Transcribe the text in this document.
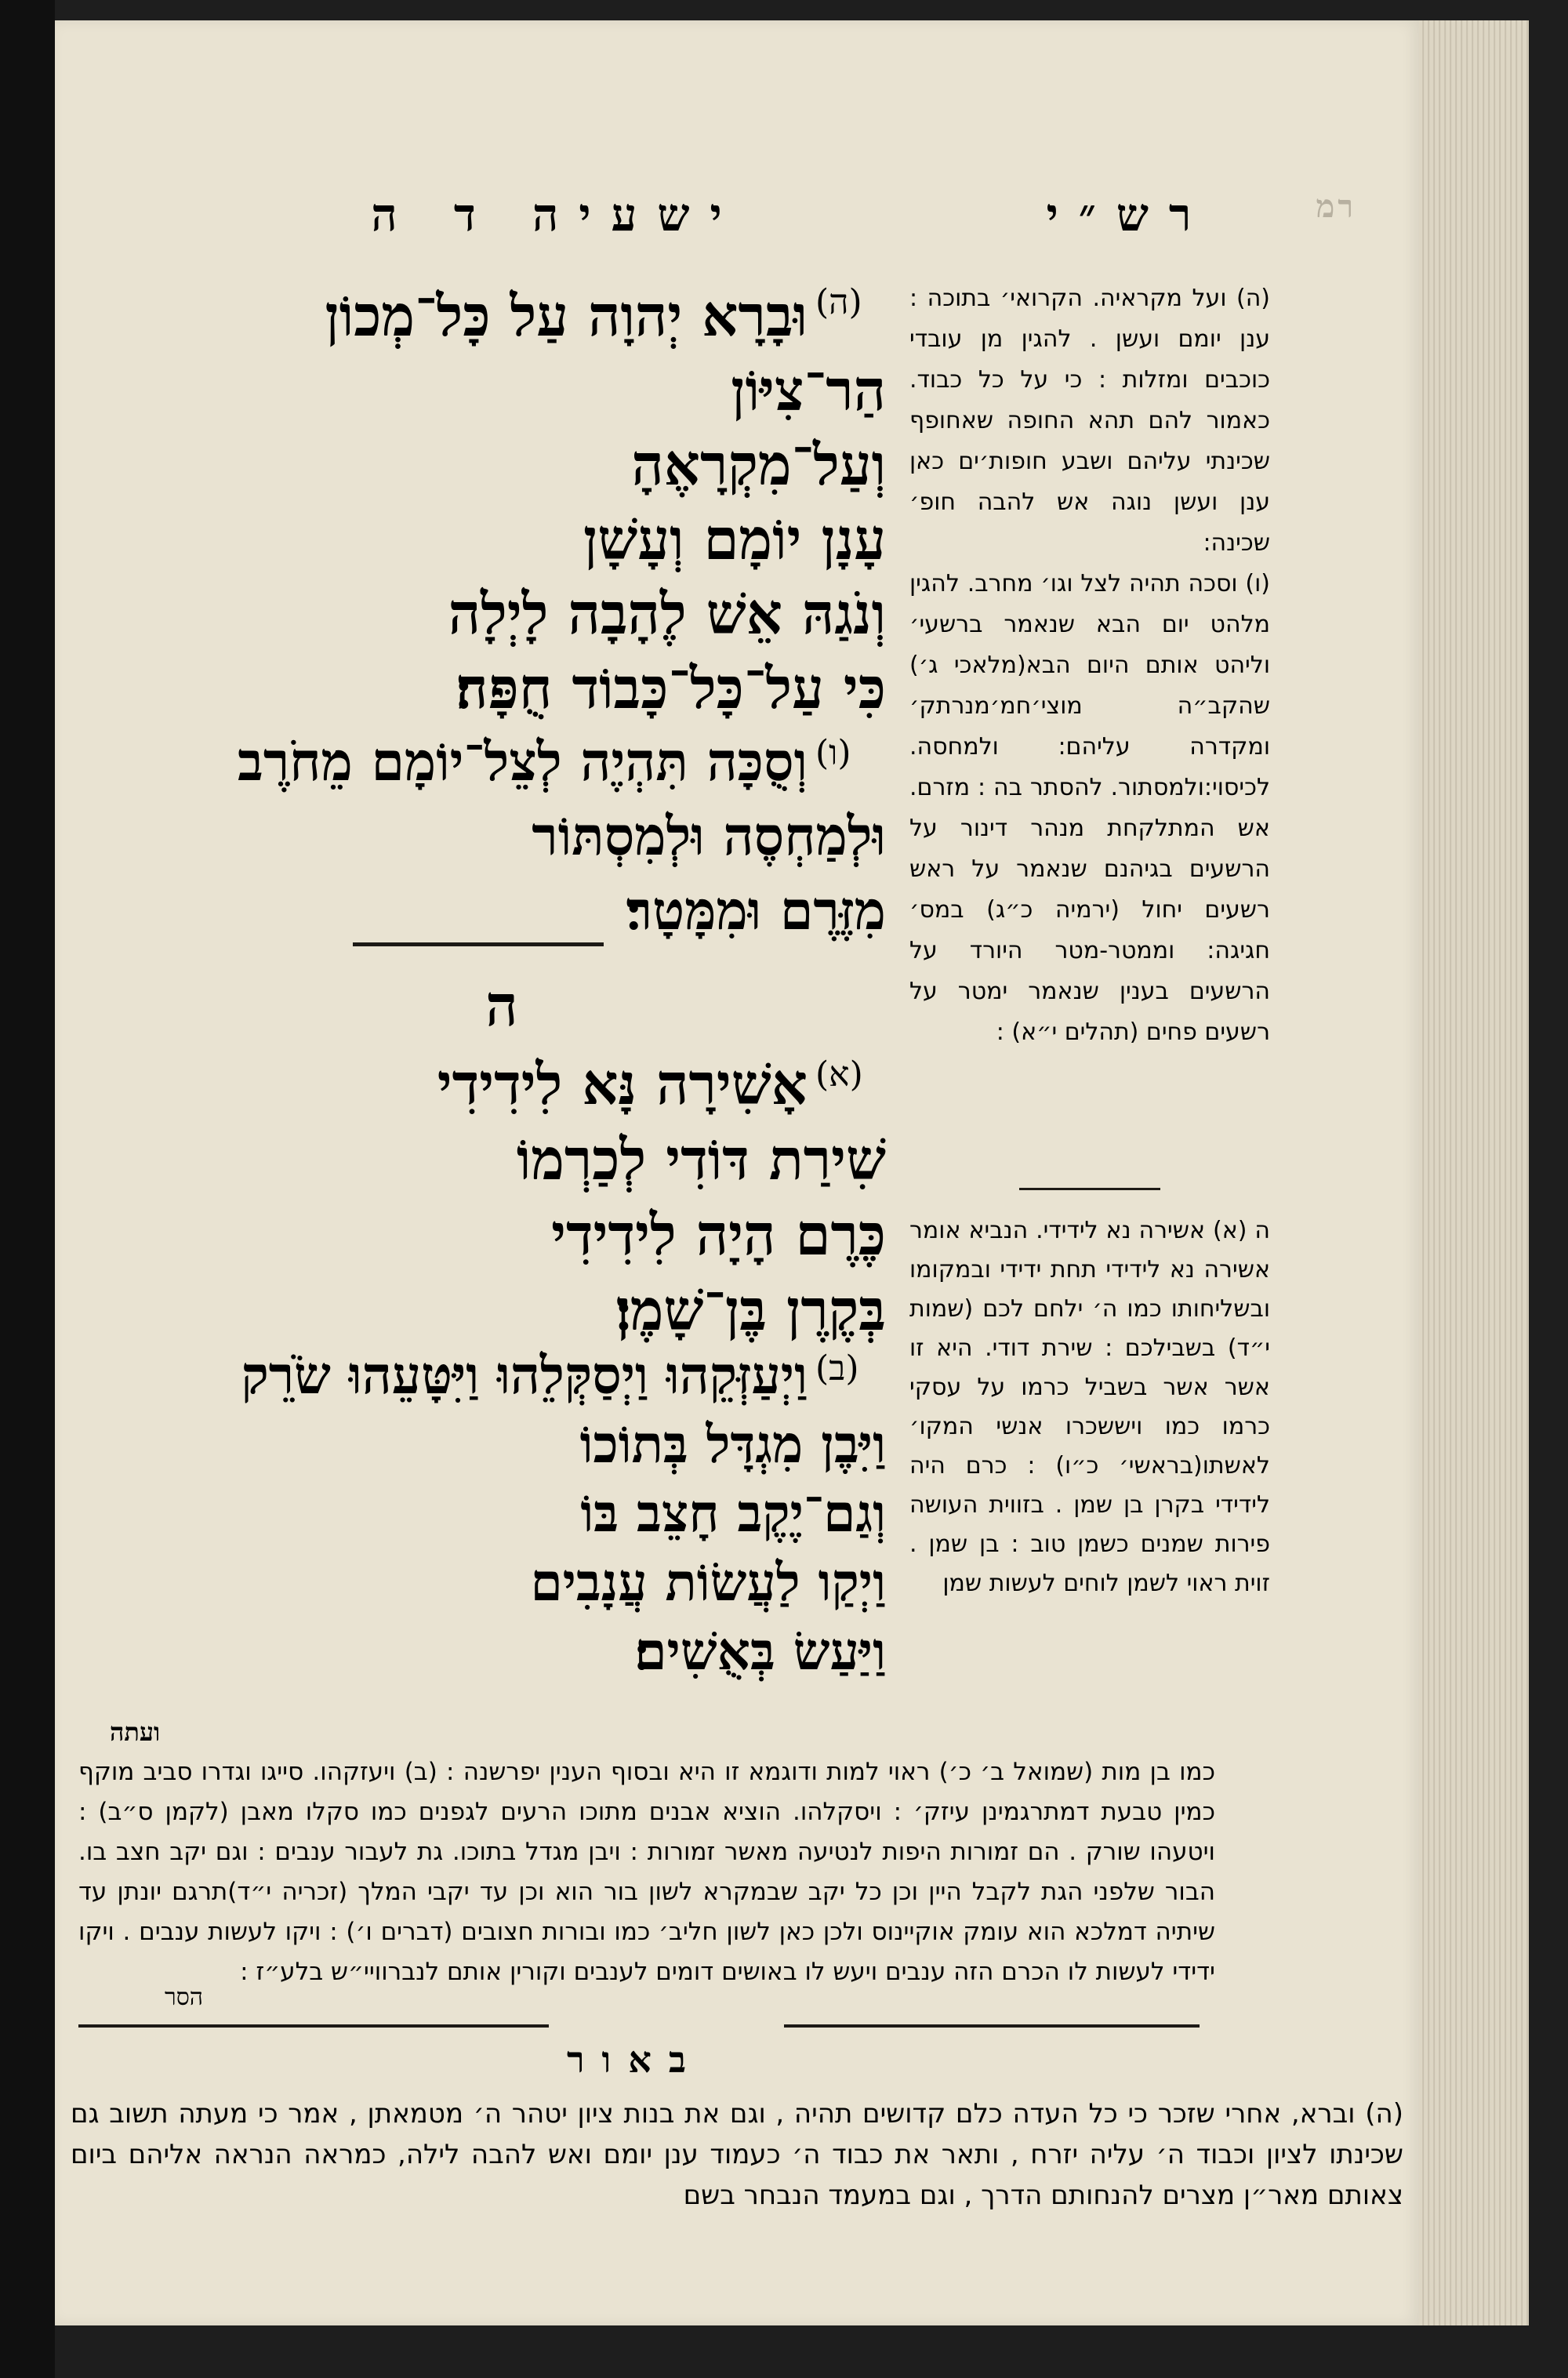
ישעיה ד ה	רש״י	רמ
(ה)
וּבָרָא יְהוָה עַל כָּל־מְכוֹן
הַר־צִיּוֹן
וְעַל־מִקְרָאֶהָ
עָנָן יוֹמָם וְעָשָׁן
וְנֹגַהּ אֵשׁ לֶהָבָה לָיְלָה
כִּי עַל־כָּל־כָּבוֹד חֻפָּה׃
(ו)
וְסֻכָּה תִּהְיֶה לְצֵל־יוֹמָם מֵחֹרֶב
וּלְמַחְסֶה וּלְמִסְתּוֹר
מִזֶּרֶם וּמִמָּטָר׃
ה
(א)
אָשִׁירָה נָּא לִידִידִי
שִׁירַת דּוֹדִי לְכַרְמוֹ
כֶּרֶם הָיָה לִידִידִי
בְּקֶרֶן בֶּן־שָׁמֶן׃
(ב)
וַיְעַזְּקֵהוּ וַיְסַקְּלֵהוּ וַיִּטָּעֵהוּ שֹׂרֵק
וַיִּבֶן מִגְדָּל בְּתוֹכוֹ
וְגַם־יֶקֶב חָצֵב בּוֹ
וַיְקַו לַעֲשׂוֹת עֲנָבִים
וַיַּעַשׂ בְּאֻשִׁים׃

(ה) ועל מקראיה. הקרואי׳ בתוכה : ענן יומם ועשן . להגין מן עובדי כוכבים ומזלות : כי על כל כבוד. כאמור להם תהא החופה שאחופף שכינתי עליהם ושבע חופות׳ים כאן ענן ועשן נוגה אש להבה חופ׳ שכינה:

(ו) וסכה תהיה לצל וגו׳ מחרב. להגין מלהט יום הבא שנאמר ברשעי׳ וליהט אותם היום הבא(מלאכי ג׳) שהקב״ה מוצי׳חמ׳מנרתק׳ ומקדרה עליהם: ולמחסה. לכיסוי:ולמסתור. להסתר בה : מזרם. אש המתלקחת מנהר דינור על הרשעים בגיהנם שנאמר על ראש רשעים יחול (ירמיה כ״ג) במס׳ חגיגה: וממטר-מטר היורד על הרשעים בענין שנאמר ימטר על רשעים פחים (תהלים י״א) :

ה (א) אשירה נא לידידי. הנביא אומר אשירה נא לידידי תחת ידידי ובמקומו ובשליחותו כמו ה׳ ילחם לכם (שמות י״ד) בשבילכם : שירת דודי. היא זו אשר אשר בשביל כרמו על עסקי כרמו כמו ויששכרו אנשי המקו׳ לאשתו(בראשי׳ כ״ו) : כרם היה לידידי בקרן בן שמן . בזווית העושה פירות שמנים כשמן טוב : בן שמן . זוית ראוי לשמן לוחים לעשות שמן

ועתה
כמו בן מות (שמואל ב׳ כ׳) ראוי למות ודוגמא זו היא ובסוף הענין יפרשנה : (ב) ויעזקהו. סייגו וגדרו סביב מוקף כמין טבעת דמתרגמינן עיזק׳ : ויסקלהו. הוציא אבנים מתוכו הרעים לגפנים כמו סקלו מאבן (לקמן ס״ב) : ויטעהו שורק . הם זמורות היפות לנטיעה מאשר זמורות : ויבן מגדל בתוכו. גת לעבור ענבים : וגם יקב חצב בו. הבור שלפני הגת לקבל היין וכן כל יקב שבמקרא לשון בור הוא וכן עד יקבי המלך (זכריה י״ד)תרגם יונתן עד שיתיה דמלכא הוא עומק אוקיינוס ולכן כאן לשון חליב׳ כמו ובורות חצובים (דברים ו׳) : ויקו לעשות ענבים . ויקו ידידי לעשות לו הכרם הזה ענבים ויעש לו באושים דומים לענבים וקורין אותם לנברוויי״ש בלע״ז :
הסר
באור
(ה) וברא, אחרי שזכר כי כל העדה כלם קדושים תהיה , וגם את בנות ציון יטהר ה׳ מטמאתן , אמר כי מעתה תשוב גם שכינתו לציון וכבוד ה׳ עליה יזרח , ותאר את כבוד ה׳ כעמוד ענן יומם ואש להבה לילה, כמראה הנראה אליהם ביום צאותם מאר״ן מצרים להנחותם הדרך , וגם במעמד הנבחר בשם
